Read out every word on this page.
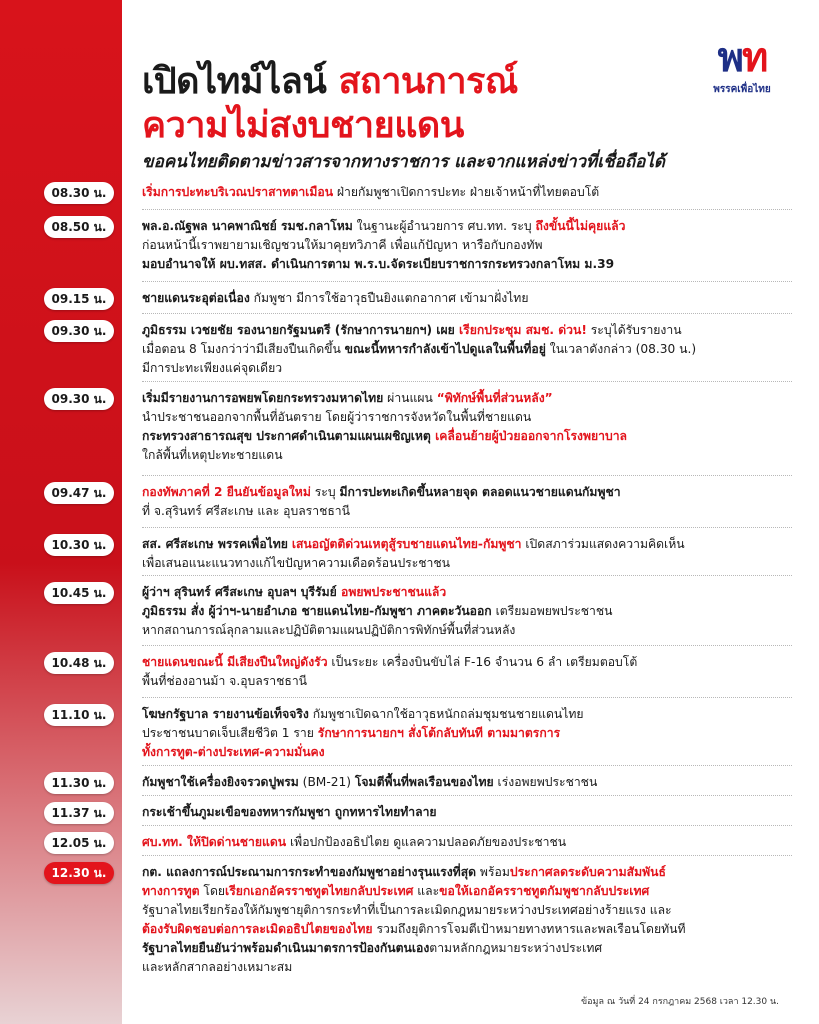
เปิดไทม์ไลน์ สถานการณ์
ความไม่สงบชายแดน
ขอคนไทยติดตามข่าวสารจากทางราชการ และจากแหล่งข่าวที่เชื่อถือได้
พท
พรรคเพื่อไทย
08.30 น.	เริ่มการปะทะบริเวณปราสาทตาเมือน ฝ่ายกัมพูชาเปิดการปะทะ ฝ่ายเจ้าหน้าที่ไทยตอบโต้

08.50 น.	พล.อ.ณัฐพล นาคพาณิชย์ รมช.กลาโหม ในฐานะผู้อำนวยการ ศบ.ทท. ระบุ ถึงขั้นนี้ไม่คุยแล้ว

ก่อนหน้านี้เราพยายามเชิญชวนให้มาคุยทวิภาคี เพื่อแก้ปัญหา หารือกับกองทัพ

มอบอำนาจให้ ผบ.ทสส. ดำเนินการตาม พ.ร.บ.จัดระเบียบราชการกระทรวงกลาโหม ม.39

09.15 น.	ชายแดนระอุต่อเนื่อง กัมพูชา มีการใช้อาวุธปืนยิงแตกอากาศ เข้ามาฝั่งไทย

09.30 น.	ภูมิธรรม เวชยชัย รองนายกรัฐมนตรี (รักษาการนายกฯ) เผย เรียกประชุม สมช. ด่วน! ระบุได้รับรายงาน

เมื่อตอน 8 โมงกว่าว่ามีเสียงปืนเกิดขึ้น ขณะนี้ทหารกำลังเข้าไปดูแลในพื้นที่อยู่ ในเวลาดังกล่าว (08.30 น.)

มีการปะทะเพียงแค่จุดเดียว

09.30 น.	เริ่มมีรายงานการอพยพโดยกระทรวงมหาดไทย ผ่านแผน “พิทักษ์พื้นที่ส่วนหลัง”

นำประชาชนออกจากพื้นที่อันตราย โดยผู้ว่าราชการจังหวัดในพื้นที่ชายแดน

กระทรวงสาธารณสุข ประกาศดำเนินตามแผนเผชิญเหตุ เคลื่อนย้ายผู้ป่วยออกจากโรงพยาบาล

ใกล้พื้นที่เหตุปะทะชายแดน

09.47 น.	กองทัพภาคที่ 2 ยืนยันข้อมูลใหม่ ระบุ มีการปะทะเกิดขึ้นหลายจุด ตลอดแนวชายแดนกัมพูชา

ที่ จ.สุรินทร์ ศรีสะเกษ และ อุบลราชธานี

10.30 น.	สส. ศรีสะเกษ พรรคเพื่อไทย เสนอญัตติด่วนเหตุสู้รบชายแดนไทย-กัมพูชา เปิดสภาร่วมแสดงความคิดเห็น

เพื่อเสนอแนะแนวทางแก้ไขปัญหาความเดือดร้อนประชาชน

10.45 น.	ผู้ว่าฯ สุรินทร์ ศรีสะเกษ อุบลฯ บุรีรัมย์ อพยพประชาชนแล้ว

ภูมิธรรม สั่ง ผู้ว่าฯ-นายอำเภอ ชายแดนไทย-กัมพูชา ภาคตะวันออก เตรียมอพยพประชาชน

หากสถานการณ์ลุกลามและปฏิบัติตามแผนปฏิบัติการพิทักษ์พื้นที่ส่วนหลัง

10.48 น.	ชายแดนขณะนี้ มีเสียงปืนใหญ่ดังรัว เป็นระยะ เครื่องบินขับไล่ F-16 จำนวน 6 ลำ เตรียมตอบโต้

พื้นที่ช่องอานม้า จ.อุบลราชธานี

11.10 น.	โฆษกรัฐบาล รายงานข้อเท็จจริง กัมพูชาเปิดฉากใช้อาวุธหนักถล่มชุมชนชายแดนไทย

ประชาชนบาดเจ็บเสียชีวิต 1 ราย รักษาการนายกฯ สั่งโต้กลับทันที ตามมาตรการ

ทั้งการทูต-ต่างประเทศ-ความมั่นคง

11.30 น.	กัมพูชาใช้เครื่องยิงจรวดปูพรม (BM-21) โจมตีพื้นที่พลเรือนของไทย เร่งอพยพประชาชน

11.37 น.	กระเช้าขึ้นภูมะเขือของทหารกัมพูชา ถูกทหารไทยทำลาย

12.05 น.	ศบ.ทท. ให้ปิดด่านชายแดน เพื่อปกป้องอธิปไตย ดูแลความปลอดภัยของประชาชน

12.30 น.	กต. แถลงการณ์ประณามการกระทำของกัมพูชาอย่างรุนแรงที่สุด พร้อมประกาศลดระดับความสัมพันธ์

ทางการทูต โดยเรียกเอกอัครราชทูตไทยกลับประเทศ และขอให้เอกอัครราชทูตกัมพูชากลับประเทศ

รัฐบาลไทยเรียกร้องให้กัมพูชายุติการกระทำที่เป็นการละเมิดกฎหมายระหว่างประเทศอย่างร้ายแรง และ

ต้องรับผิดชอบต่อการละเมิดอธิปไตยของไทย รวมถึงยุติการโจมตีเป้าหมายทางทหารและพลเรือนโดยทันที

รัฐบาลไทยยืนยันว่าพร้อมดำเนินมาตรการป้องกันตนเองตามหลักกฎหมายระหว่างประเทศ

และหลักสากลอย่างเหมาะสม

ข้อมูล ณ วันที่ 24 กรกฎาคม 2568 เวลา 12.30 น.
